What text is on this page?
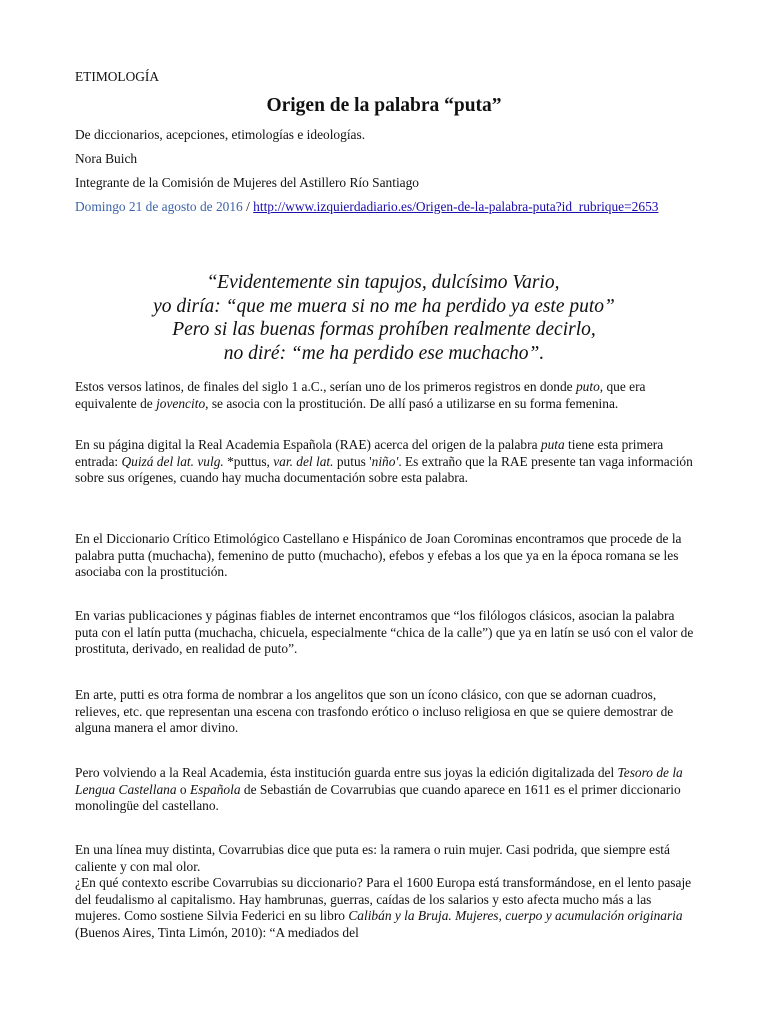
ETIMOLOGÍA
Origen de la palabra “puta”
De diccionarios, acepciones, etimologías e ideologías.
Nora Buich
Integrante de la Comisión de Mujeres del Astillero Río Santiago
Domingo 21 de agosto de 2016 / http://www.izquierdadiario.es/Origen-de-la-palabra-puta?id_rubrique=2653
“Evidentemente sin tapujos, dulcísimo Vario,
yo diría: “que me muera si no me ha perdido ya este puto”
Pero si las buenas formas prohíben realmente decirlo,
no diré: “me ha perdido ese muchacho”.

Estos versos latinos, de finales del siglo 1 a.C., serían uno de los primeros registros en donde puto, que era equivalente de jovencito, se asocia con la prostitución. De allí pasó a utilizarse en su forma femenina.

En su página digital la Real Academia Española (RAE) acerca del origen de la palabra puta tiene esta primera entrada: Quizá del lat. vulg. *puttus, var. del lat. putus 'niño'. Es extraño que la RAE presente tan vaga información sobre sus orígenes, cuando hay mucha documentación sobre esta palabra.

En el Diccionario Crítico Etimológico Castellano e Hispánico de Joan Corominas encontramos que procede de la palabra putta (muchacha), femenino de putto (muchacho), efebos y efebas a los que ya en la época romana se les asociaba con la prostitución.

En varias publicaciones y páginas fiables de internet encontramos que “los filólogos clásicos, asocian la palabra puta con el latín putta (muchacha, chicuela, especialmente “chica de la calle”) que ya en latín se usó con el valor de prostituta, derivado, en realidad de puto”.

En arte, putti es otra forma de nombrar a los angelitos que son un ícono clásico, con que se adornan cuadros, relieves, etc. que representan una escena con trasfondo erótico o incluso religiosa en que se quiere demostrar de alguna manera el amor divino.

Pero volviendo a la Real Academia, ésta institución guarda entre sus joyas la edición digitalizada del Tesoro de la Lengua Castellana o Española de Sebastián de Covarrubias que cuando aparece en 1611 es el primer diccionario monolingüe del castellano.

En una línea muy distinta, Covarrubias dice que puta es: la ramera o ruin mujer. Casi podrida, que siempre está caliente y con mal olor.
¿En qué contexto escribe Covarrubias su diccionario? Para el 1600 Europa está transformándose, en el lento pasaje del feudalismo al capitalismo. Hay hambrunas, guerras, caídas de los salarios y esto afecta mucho más a las mujeres. Como sostiene Silvia Federici en su libro Calibán y la Bruja. Mujeres, cuerpo y acumulación originaria (Buenos Aires, Tinta Limón, 2010): “A mediados del
